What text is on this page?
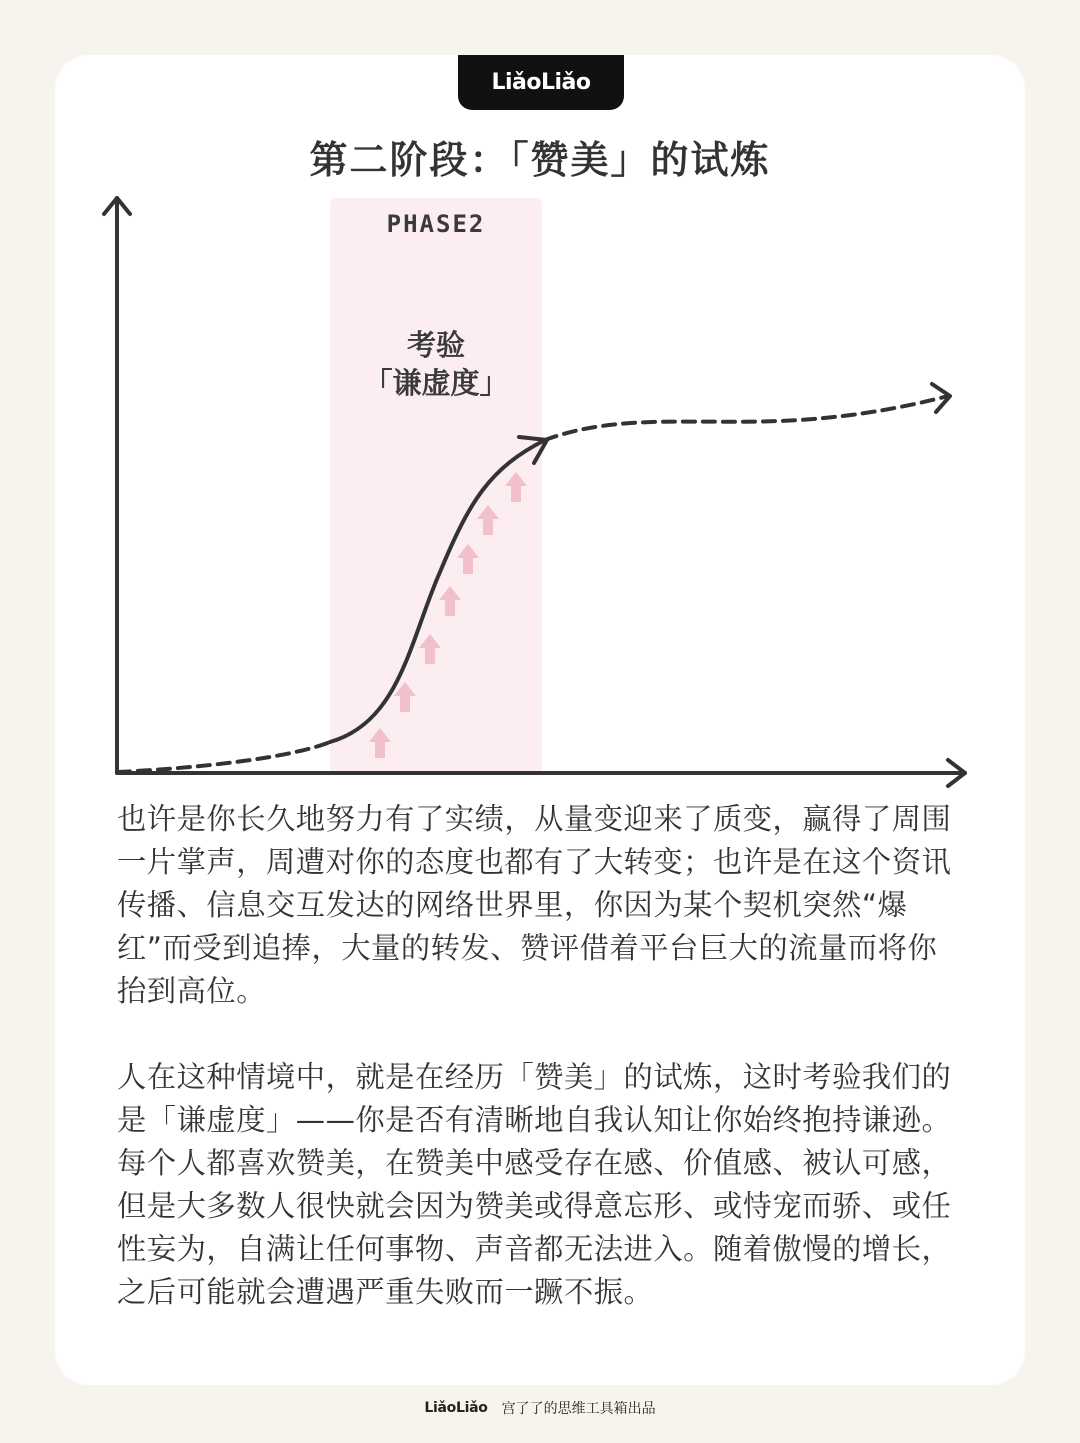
LiǎoLiǎo
第二阶段：「赞美」的试炼
PHASE2
考验
「谦虚度」

也许是你长久地努力有了实绩，从量变迎来了质变，赢得了周围一片掌声，周遭对你的态度也都有了大转变；也许是在这个资讯传播、信息交互发达的网络世界里，你因为某个契机突然“爆红”而受到追捧，大量的转发、赞评借着平台巨大的流量而将你抬到高位。

人在这种情境中，就是在经历「赞美」的试炼，这时考验我们的是「谦虚度」——你是否有清晰地自我认知让你始终抱持谦逊。每个人都喜欢赞美，在赞美中感受存在感、价值感、被认可感，但是大多数人很快就会因为赞美或得意忘形、或恃宠而骄、或任性妄为，自满让任何事物、声音都无法进入。随着傲慢的增长，之后可能就会遭遇严重失败而一蹶不振。

LiǎoLiǎo 宫了了的思维工具箱出品
